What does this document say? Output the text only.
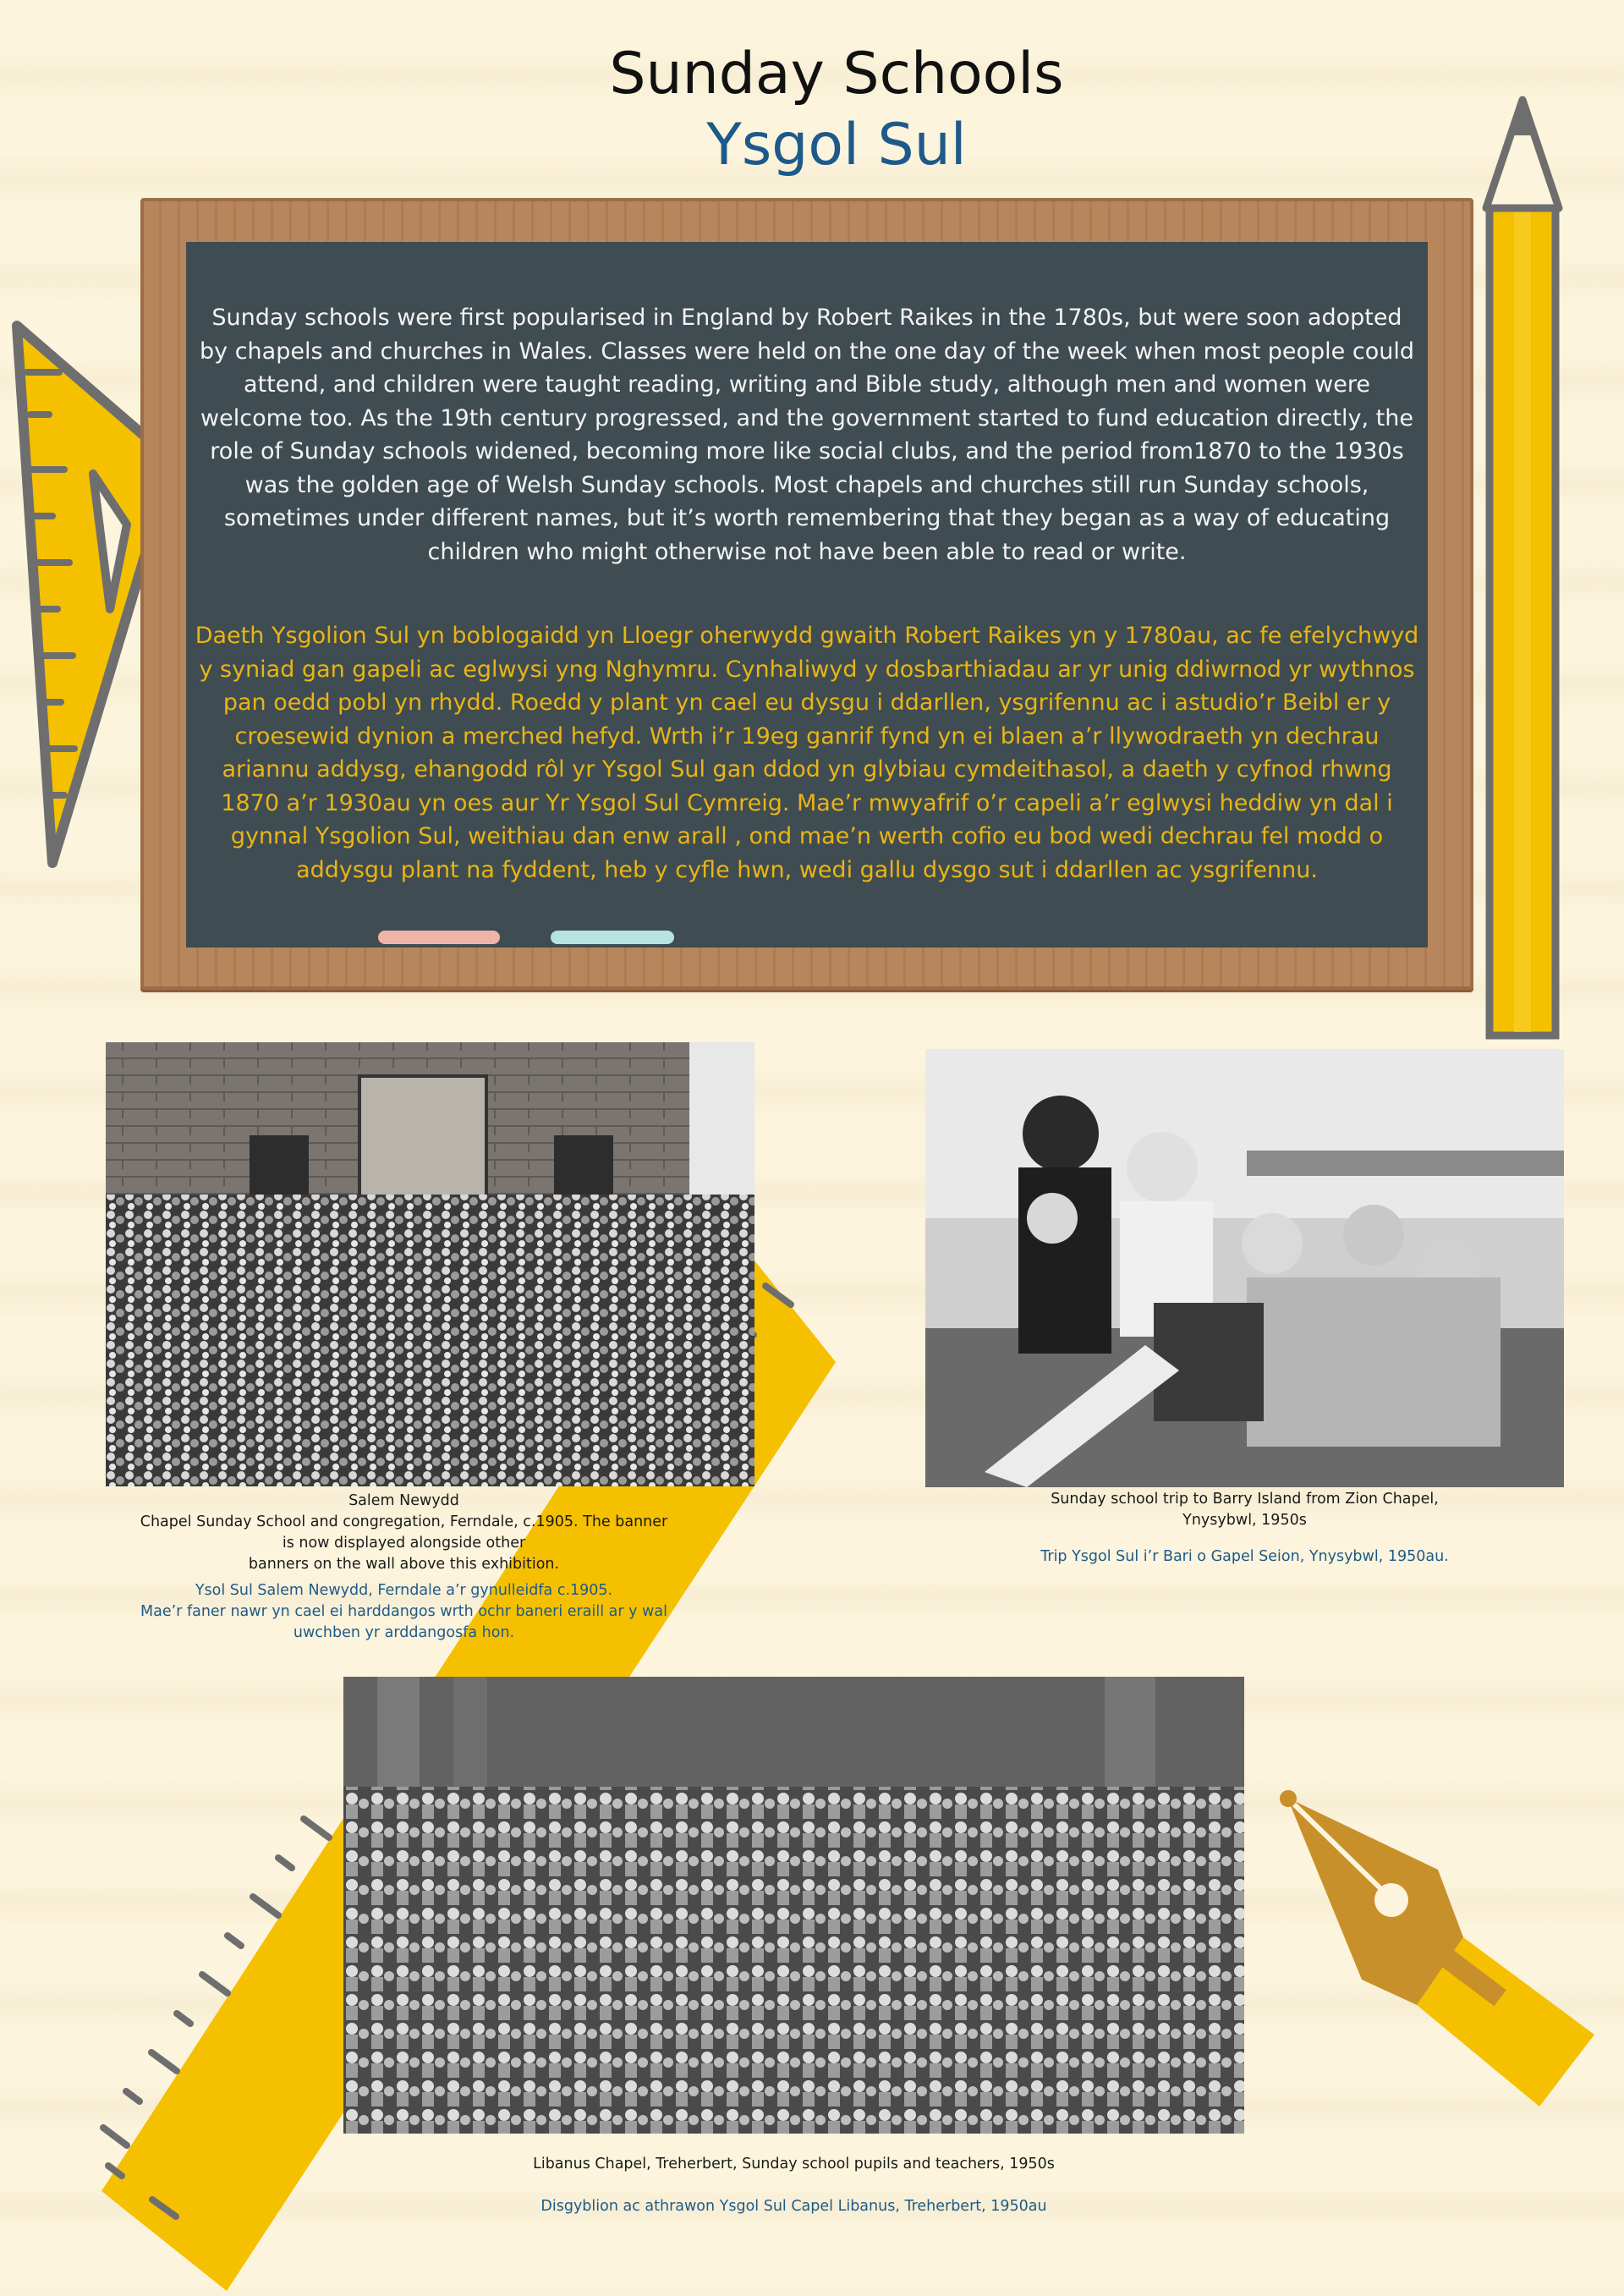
Sunday Schools
Ysgol Sul
Sunday schools were first popularised in England by Robert Raikes in the 1780s, but were soon adopted by chapels and churches in Wales. Classes were held on the one day of the week when most people could attend, and children were taught reading, writing and Bible study, although men and women were welcome too. As the 19th century progressed, and the government started to fund education directly, the role of Sunday schools widened, becoming more like social clubs, and the period from1870 to the 1930s was the golden age of Welsh Sunday schools. Most chapels and churches still run Sunday schools, sometimes under different names, but it’s worth remembering that they began as a way of educating children who might otherwise not have been able to read or write.
Daeth Ysgolion Sul yn boblogaidd yn Lloegr oherwydd gwaith Robert Raikes yn y 1780au, ac fe efelychwyd y syniad gan gapeli ac eglwysi yng Nghymru. Cynhaliwyd y dosbarthiadau ar yr unig ddiwrnod yr wythnos pan oedd pobl yn rhydd. Roedd y plant yn cael eu dysgu i ddarllen, ysgrifennu ac i astudio’r Beibl er y croesewid dynion a merched hefyd. Wrth i’r 19eg ganrif fynd yn ei blaen a’r llywodraeth yn dechrau ariannu addysg, ehangodd rôl yr Ysgol Sul gan ddod yn glybiau cymdeithasol, a daeth y cyfnod rhwng 1870 a’r 1930au yn oes aur Yr Ysgol Sul Cymreig. Mae’r mwyafrif o’r capeli a’r eglwysi heddiw yn dal i gynnal Ysgolion Sul, weithiau dan enw arall , ond mae’n werth cofio eu bod wedi dechrau fel modd o addysgu plant na fyddent, heb y cyfle hwn, wedi gallu dysgo sut i ddarllen ac ysgrifennu.
Salem Newydd
Chapel Sunday School and congregation, Ferndale, c.1905. The banner
is now displayed alongside other
banners on the wall above this exhibition.
Ysol Sul Salem Newydd, Ferndale a’r gynulleidfa c.1905.
Mae’r faner nawr yn cael ei harddangos wrth ochr baneri eraill ar y wal
uwchben yr arddangosfa hon.
Sunday school trip to Barry Island from Zion Chapel,
Ynysybwl, 1950s
Trip Ysgol Sul i’r Bari o Gapel Seion, Ynysybwl, 1950au.
Libanus Chapel, Treherbert, Sunday school pupils and teachers, 1950s
Disgyblion ac athrawon Ysgol Sul Capel Libanus, Treherbert, 1950au
